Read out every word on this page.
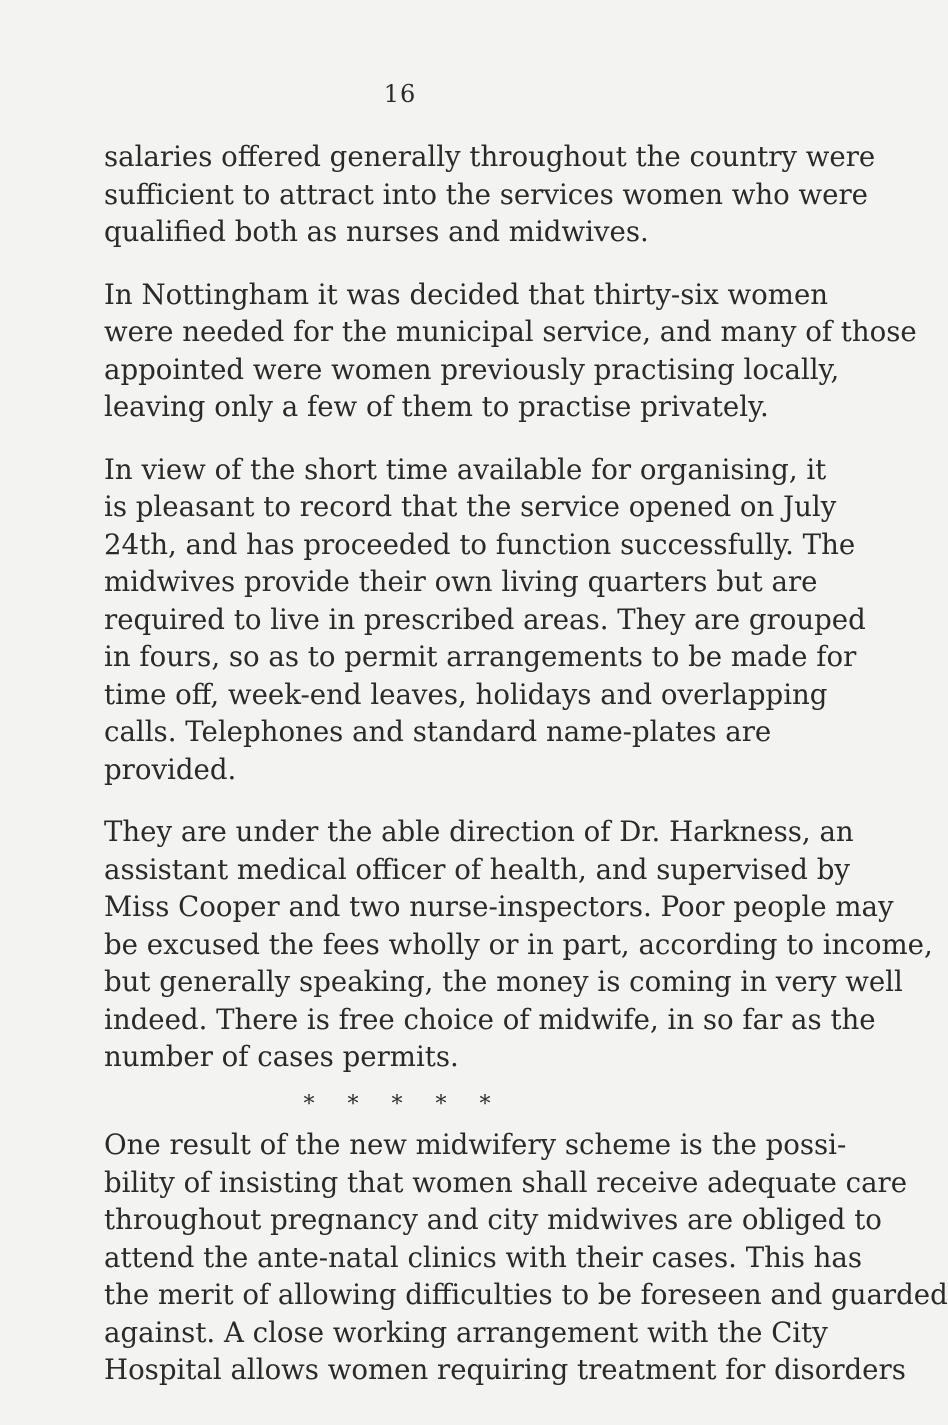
16
salaries offered generally throughout the country were
sufficient to attract into the services women who were
qualified both as nurses and midwives.
In Nottingham it was decided that thirty-six women
were needed for the municipal service, and many of those
appointed were women previously practising locally,
leaving only a few of them to practise privately.
In view of the short time available for organising, it
is pleasant to record that the service opened on July
24th, and has proceeded to function successfully. The
midwives provide their own living quarters but are
required to live in prescribed areas. They are grouped
in fours, so as to permit arrangements to be made for
time off, week-end leaves, holidays and overlapping
calls. Telephones and standard name-plates are
provided.
They are under the able direction of Dr. Harkness, an
assistant medical officer of health, and supervised by
Miss Cooper and two nurse-inspectors. Poor people may
be excused the fees wholly or in part, according to income,
but generally speaking, the money is coming in very well
indeed. There is free choice of midwife, in so far as the
number of cases permits.
* * * * *
One result of the new midwifery scheme is the possi-
bility of insisting that women shall receive adequate care
throughout pregnancy and city midwives are obliged to
attend the ante-natal clinics with their cases. This has
the merit of allowing difficulties to be foreseen and guarded
against. A close working arrangement with the City
Hospital allows women requiring treatment for disorders
